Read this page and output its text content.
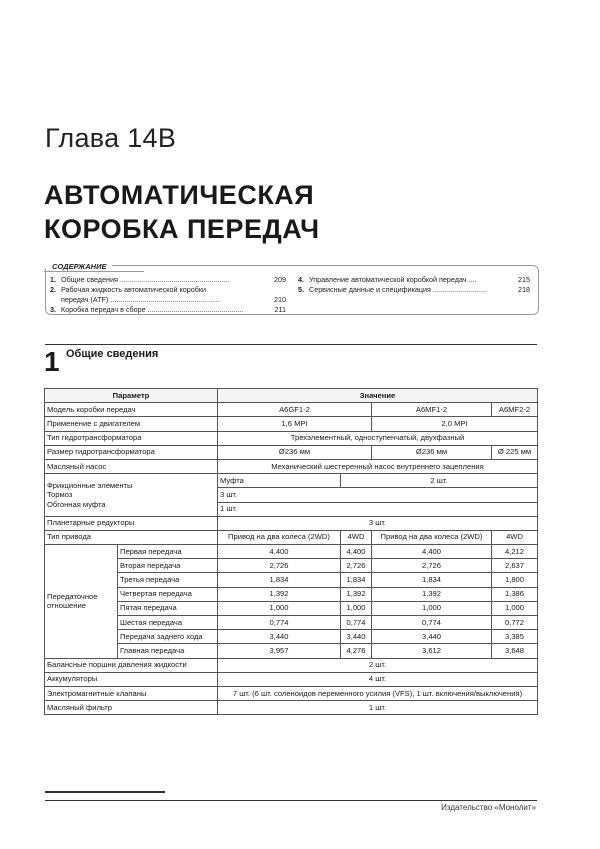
Глава 14В
АВТОМАТИЧЕСКАЯ
КОРОБКА ПЕРЕДАЧ
СОДЕРЖАНИЕ
1. Общие сведения .......................................................	209
2. Рабочая жидкость автоматической коробки
передач (ATF) .......................................................	210
3. Коробка передач в сборе ................................................	211
4. Управление автоматической коробкой передач ....	215
5. Сервисные данные и спецификация ...........................	218
1 Общие сведения
Параметр		Значение			
Модель коробки передач		A6GF1-2		A6MF1-2	A6MF2-2
Применение с двигателем		1,6 MPI		2,0 MPI	
Тип гидротрансформатора		Трехэлементный, одноступенчатый, двухфазный			
Размер гидротрансформатора		Ø236 мм		Ø236 мм	Ø 225 мм
Масляный насос		Механический шестеренный насос внутреннего зацепления			

Фрикционные элементы
Тормоз
Обгонная муфта		Муфта	2 шт.		
		3 шт.			
		1 шт.			
Планетарные редукторы		3 шт.			
Тип привода		Привод на два колеса (2WD)	4WD	Привод на два колеса (2WD)	4WD

Передаточное
отношение	Первая передача	4,400	4,400	4,400	4,212
	Вторая передача	2,726	2,726	2,726	2,637
	Третья передача	1,834	1,834	1,834	1,800
	Четвертая передача	1,392	1,392	1,392	1,386
	Пятая передача	1,000	1,000	1,000	1,000
	Шестая передача	0,774	0,774	0,774	0,772
	Передача заднего хода	3,440	3,440	3,440	3,385
	Главная передача	3,957	4,276	3,612	3,648
Балансные поршни давления жидкости		2 шт.			
Аккумуляторы		4 шт.			
Электромагнитные клапаны		7 шт. (6 шт. соленоидов переменного усилия (VFS), 1 шт. включения/выключения)			
Масляный фильтр		1 шт.			
Издательство «Монолит»
